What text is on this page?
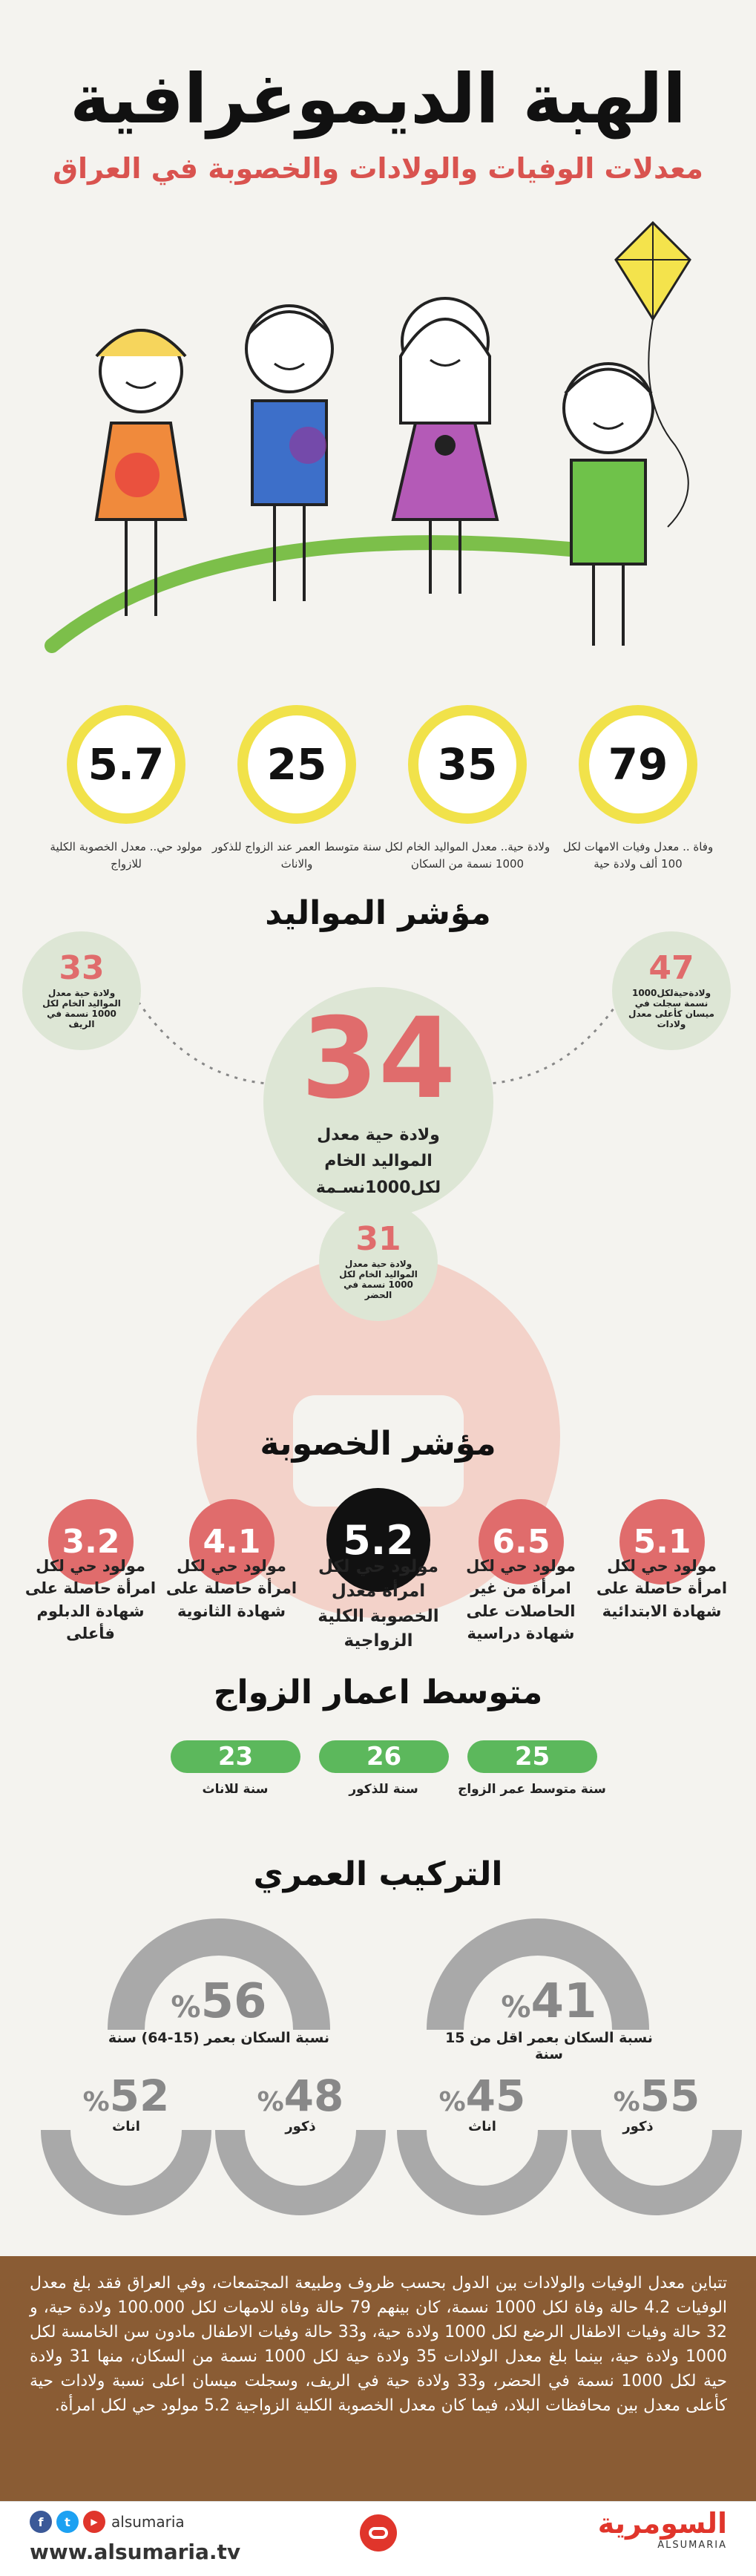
الهبة الديموغرافية
معدلات الوفيات والولادات والخصوبة في العراق
79
وفاة .. معدل وفيات الامهات لكل 100 ألف ولادة حية
35
ولادة حية.. معدل المواليد الخام لكل 1000 نسمة من السكان
25
سنة متوسط العمر عند الزواج للذكور والاناث
5.7
مولود حي.. معدل الخصوبة الكلية للازواج
مؤشر المواليد
33
ولادة حية معدل المواليد الخام لكل 1000 نسمة في الريف
47
ولادةحيةلكل1000 نسمة سجلت في ميسان كأعلى معدل ولادات
34
ولادة حية معدل المواليد الخام لكل1000نسـمة
31
ولادة حية معدل المواليد الخام لكل 1000 نسمة في الحضر
مؤشر الخصوبة
5.1
مولود حي لكل امرأة حاصلة على شهادة الابتدائية
6.5
مولود حي لكل امرأة من غير الحاصلات على شهادة دراسية
5.2
مولود حي لكل امرأة معدل الخصوبة الكلية الزواجية
4.1
مولود حي لكل امرأة حاصلة على شهادة الثانوية
3.2
مولود حي لكل امرأة حاصلة على شهادة الدبلوم فأعلى
متوسط اعمار الزواج
25
سنة متوسط عمر الزواج
26
سنة للذكور
23
سنة للاناث
التركيب العمري
%41
نسبة السكان بعمر اقل من 15 سنة
%55
ذكور
%45
اناث
%56
نسبة السكان بعمر (15-64) سنة
%48
ذكور
%52
اناث
تتباين معدل الوفيات والولادات بين الدول بحسب ظروف وطبيعة المجتمعات، وفي العراق فقد بلغ معدل الوفيات 4.2 حالة وفاة لكل 1000 نسمة، كان بينهم 79 حالة وفاة للامهات لكل 100.000 ولادة حية، و 32 حالة وفيات الاطفال الرضع لكل 1000 ولادة حية، و33 حالة وفيات الاطفال مادون سن الخامسة لكل 1000 ولادة حية، بينما بلغ معدل الولادات 35 ولادة حية لكل 1000 نسمة من السكان، منها 31 ولادة حية لكل 1000 نسمة في الحضر، و33 ولادة حية في الريف، وسجلت ميسان اعلى نسبة ولادات حية كأعلى معدل بين محافظات البلاد، فيما كان معدل الخصوبة الكلية الزواجية 5.2 مولود حي لكل امرأة.
f	t	▶ alsumaria
www.alsumaria.tv
السومرية
ALSUMARIA
